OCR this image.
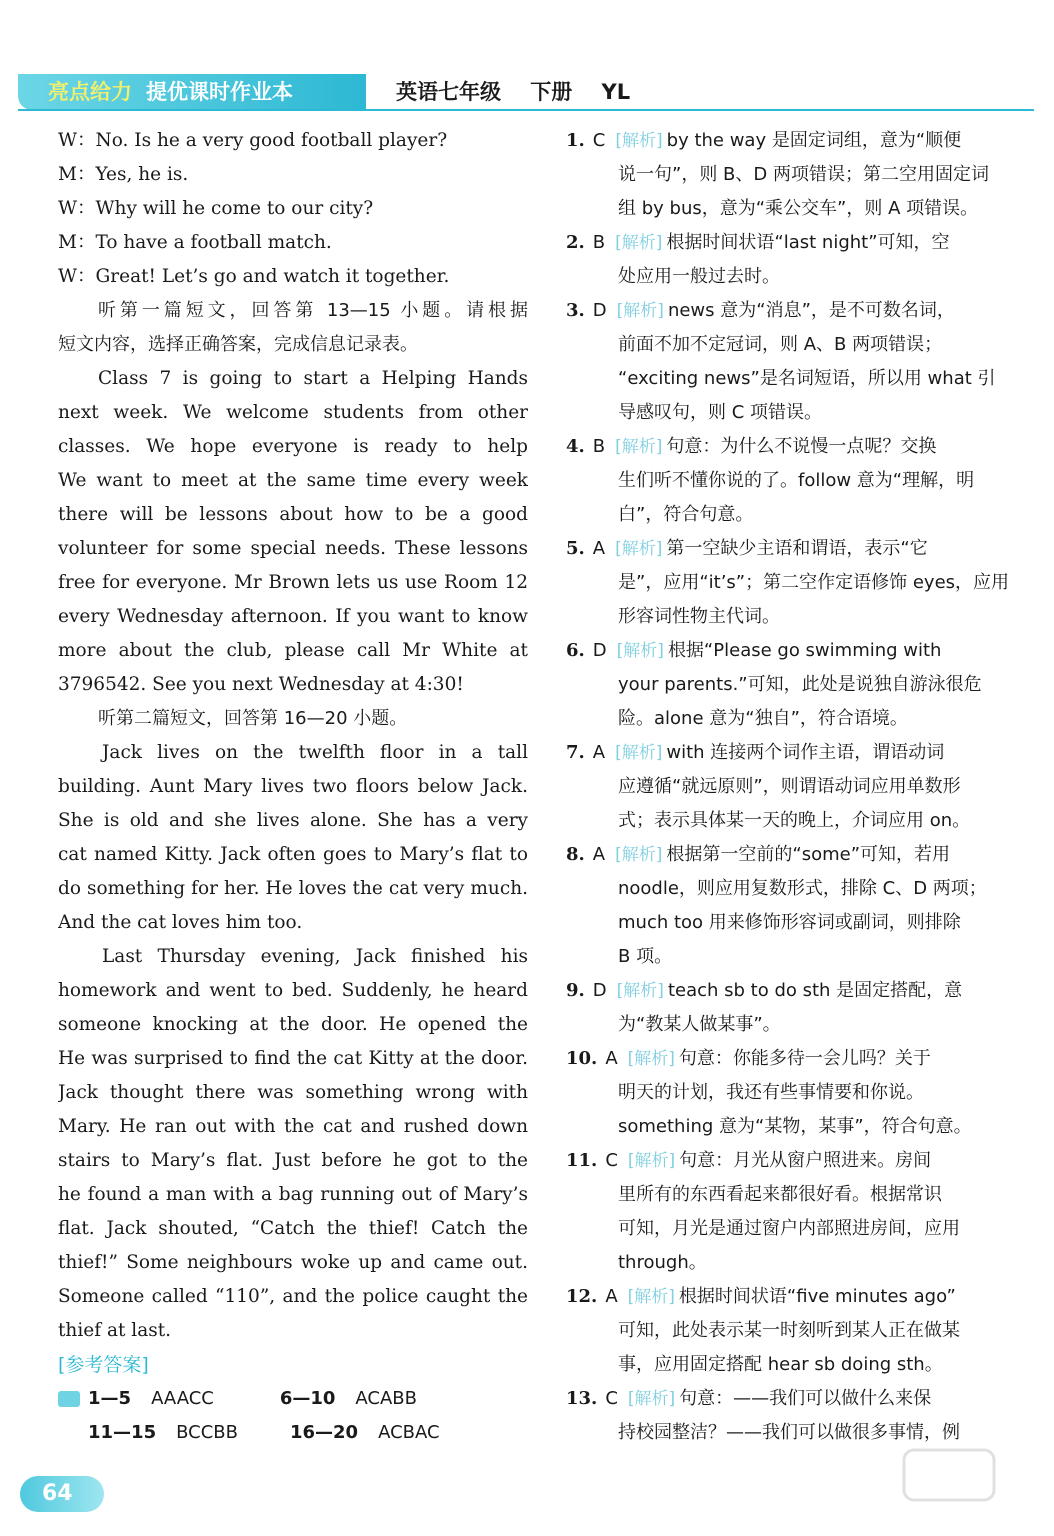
亮点给力 提优课时作业本	英语七年级    下册    YL
W：No. Is he a very good football player?
M：Yes, he is.
W：Why will he come to our city?
M：To have a football match.
W：Great! Let’s go and watch it together.
听第一篇短文，回答第 13—15 小题。请根据
短文内容，选择正确答案，完成信息记录表。
Class 7 is going to start a Helping Hands
next week. We welcome students from other
classes. We hope everyone is ready to help
We want to meet at the same time every week
there will be lessons about how to be a good
volunteer for some special needs. These lessons
free for everyone. Mr Brown lets us use Room 12
every Wednesday afternoon. If you want to know
more about the club, please call Mr White at
3796542. See you next Wednesday at 4:30!
听第二篇短文，回答第 16—20 小题。
Jack lives on the twelfth floor in a tall
building. Aunt Mary lives two floors below Jack.
She is old and she lives alone. She has a very
cat named Kitty. Jack often goes to Mary’s flat to
do something for her. He loves the cat very much.
And the cat loves him too.
Last Thursday evening, Jack finished his
homework and went to bed. Suddenly, he heard
someone knocking at the door. He opened the
He was surprised to find the cat Kitty at the door.
Jack thought there was something wrong with
Mary. He ran out with the cat and rushed down
stairs to Mary’s flat. Just before he got to the
he found a man with a bag running out of Mary’s
flat. Jack shouted, “Catch the thief! Catch the
thief!” Some neighbours woke up and came out.
Someone called “110”, and the police caught the
thief at last.
[参考答案]
1—5 AAACC	6—10 ACABB
11—15 BCCBB	16—20 ACBAC
1. C [解析] by the way 是固定词组，意为“顺便
说一句”，则 B、D 两项错误；第二空用固定词
组 by bus，意为“乘公交车”，则 A 项错误。
2. B [解析] 根据时间状语“last night”可知，空
处应用一般过去时。
3. D [解析] news 意为“消息”，是不可数名词，
前面不加不定冠词，则 A、B 两项错误；
“exciting news”是名词短语，所以用 what 引
导感叹句，则 C 项错误。
4. B [解析] 句意：为什么不说慢一点呢？交换
生们听不懂你说的了。follow 意为“理解，明
白”，符合句意。
5. A [解析] 第一空缺少主语和谓语，表示“它
是”，应用“it’s”；第二空作定语修饰 eyes，应用
形容词性物主代词。
6. D [解析] 根据“Please go swimming with
your parents.”可知，此处是说独自游泳很危
险。alone 意为“独自”，符合语境。
7. A [解析] with 连接两个词作主语，谓语动词
应遵循“就远原则”，则谓语动词应用单数形
式；表示具体某一天的晚上，介词应用 on。
8. A [解析] 根据第一空前的“some”可知，若用
noodle，则应用复数形式，排除 C、D 两项；
much too 用来修饰形容词或副词，则排除
B 项。
9. D [解析] teach sb to do sth 是固定搭配，意
为“教某人做某事”。
10. A [解析] 句意：你能多待一会儿吗？关于
明天的计划，我还有些事情要和你说。
something 意为“某物，某事”，符合句意。
11. C [解析] 句意：月光从窗户照进来。房间
里所有的东西看起来都很好看。根据常识
可知，月光是通过窗户内部照进房间，应用
through。
12. A [解析] 根据时间状语“five minutes ago”
可知，此处表示某一时刻听到某人正在做某
事，应用固定搭配 hear sb doing sth。
13. C [解析] 句意：——我们可以做什么来保
持校园整洁？——我们可以做很多事情，例
64
